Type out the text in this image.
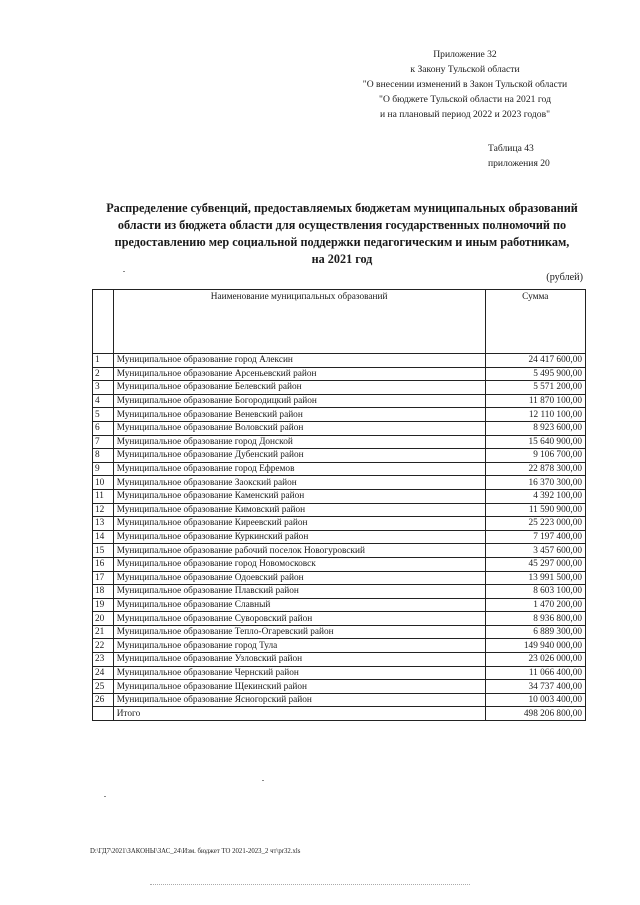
Приложение 32
к Закону Тульской области
"О внесении изменений в Закон Тульской области
"О бюджете Тульской области на 2021 год
и на плановый период 2022 и 2023 годов"
Таблица 43
приложения 20
Распределение субвенций, предоставляемых бюджетам муниципальных образований
области из бюджета области для осуществления государственных полномочий по
предоставлению мер социальной поддержки педагогическим и иным работникам,
на 2021 год
(рублей)
	Наименование муниципальных образований	Сумма
1	Муниципальное образование город Алексин	24 417 600,00
2	Муниципальное образование Арсеньевский район	5 495 900,00
3	Муниципальное образование Белевский район	5 571 200,00
4	Муниципальное образование Богородицкий район	11 870 100,00
5	Муниципальное образование Веневский район	12 110 100,00
6	Муниципальное образование Воловский район	8 923 600,00
7	Муниципальное образование город Донской	15 640 900,00
8	Муниципальное образование Дубенский район	9 106 700,00
9	Муниципальное образование город Ефремов	22 878 300,00
10	Муниципальное образование Заокский район	16 370 300,00
11	Муниципальное образование Каменский район	4 392 100,00
12	Муниципальное образование Кимовский район	11 590 900,00
13	Муниципальное образование Киреевский район	25 223 000,00
14	Муниципальное образование Куркинский район	7 197 400,00
15	Муниципальное образование рабочий поселок Новогуровский	3 457 600,00
16	Муниципальное образование город Новомосковск	45 297 000,00
17	Муниципальное образование Одоевский район	13 991 500,00
18	Муниципальное образование Плавский район	8 603 100,00
19	Муниципальное образование Славный	1 470 200,00
20	Муниципальное образование Суворовский район	8 936 800,00
21	Муниципальное образование Тепло-Огаревский район	6 889 300,00
22	Муниципальное образование город Тула	149 940 000,00
23	Муниципальное образование Узловский район	23 026 000,00
24	Муниципальное образование Чернский район	11 066 400,00
25	Муниципальное образование Щекинский район	34 737 400,00
26	Муниципальное образование Ясногорский район	10 003 400,00
	Итого	498 206 800,00
D:\ГД7\2021\ЗАКОНЫ\ЗАС_24\Изм. бюджет ТО 2021-2023_2 чт\pr32.xls
